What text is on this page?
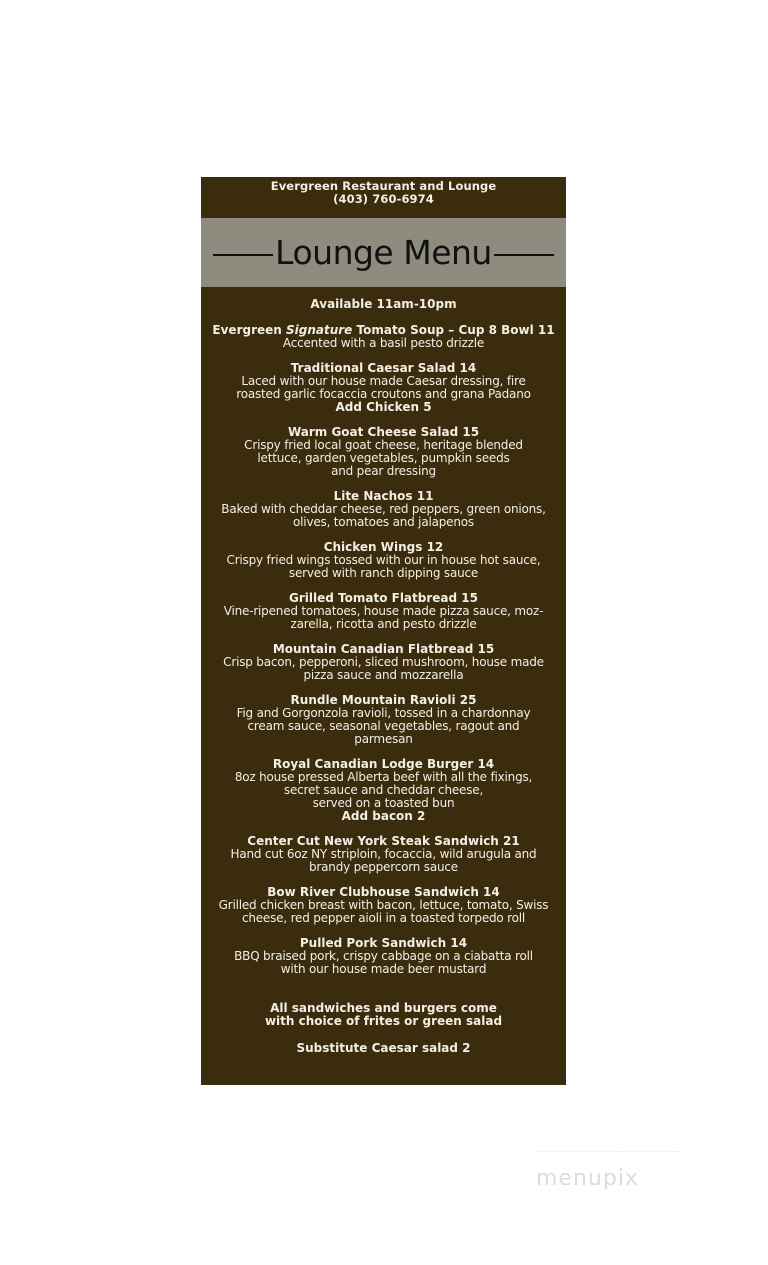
Evergreen Restaurant and Lounge
(403) 760-6974
Lounge Menu
Available 11am-10pm
Evergreen Signature Tomato Soup – Cup 8 Bowl 11
Accented with a basil pesto drizzle
Traditional Caesar Salad 14
Laced with our house made Caesar dressing, fire
roasted garlic focaccia croutons and grana Padano
Add Chicken 5
Warm Goat Cheese Salad 15
Crispy fried local goat cheese, heritage blended
lettuce, garden vegetables, pumpkin seeds
and pear dressing
Lite Nachos 11
Baked with cheddar cheese, red peppers, green onions,
olives, tomatoes and jalapenos
Chicken Wings 12
Crispy fried wings tossed with our in house hot sauce,
served with ranch dipping sauce
Grilled Tomato Flatbread 15
Vine-ripened tomatoes, house made pizza sauce, moz-
zarella, ricotta and pesto drizzle
Mountain Canadian Flatbread 15
Crisp bacon, pepperoni, sliced mushroom, house made
pizza sauce and mozzarella
Rundle Mountain Ravioli 25
Fig and Gorgonzola ravioli, tossed in a chardonnay
cream sauce, seasonal vegetables, ragout and
parmesan
Royal Canadian Lodge Burger 14
8oz house pressed Alberta beef with all the fixings,
secret sauce and cheddar cheese,
served on a toasted bun
Add bacon 2
Center Cut New York Steak Sandwich 21
Hand cut 6oz NY striploin, focaccia, wild arugula and
brandy peppercorn sauce
Bow River Clubhouse Sandwich 14
Grilled chicken breast with bacon, lettuce, tomato, Swiss
cheese, red pepper aioli in a toasted torpedo roll
Pulled Pork Sandwich 14
BBQ braised pork, crispy cabbage on a ciabatta roll
with our house made beer mustard
All sandwiches and burgers come
with choice of frites or green salad
Substitute Caesar salad 2
menupix
